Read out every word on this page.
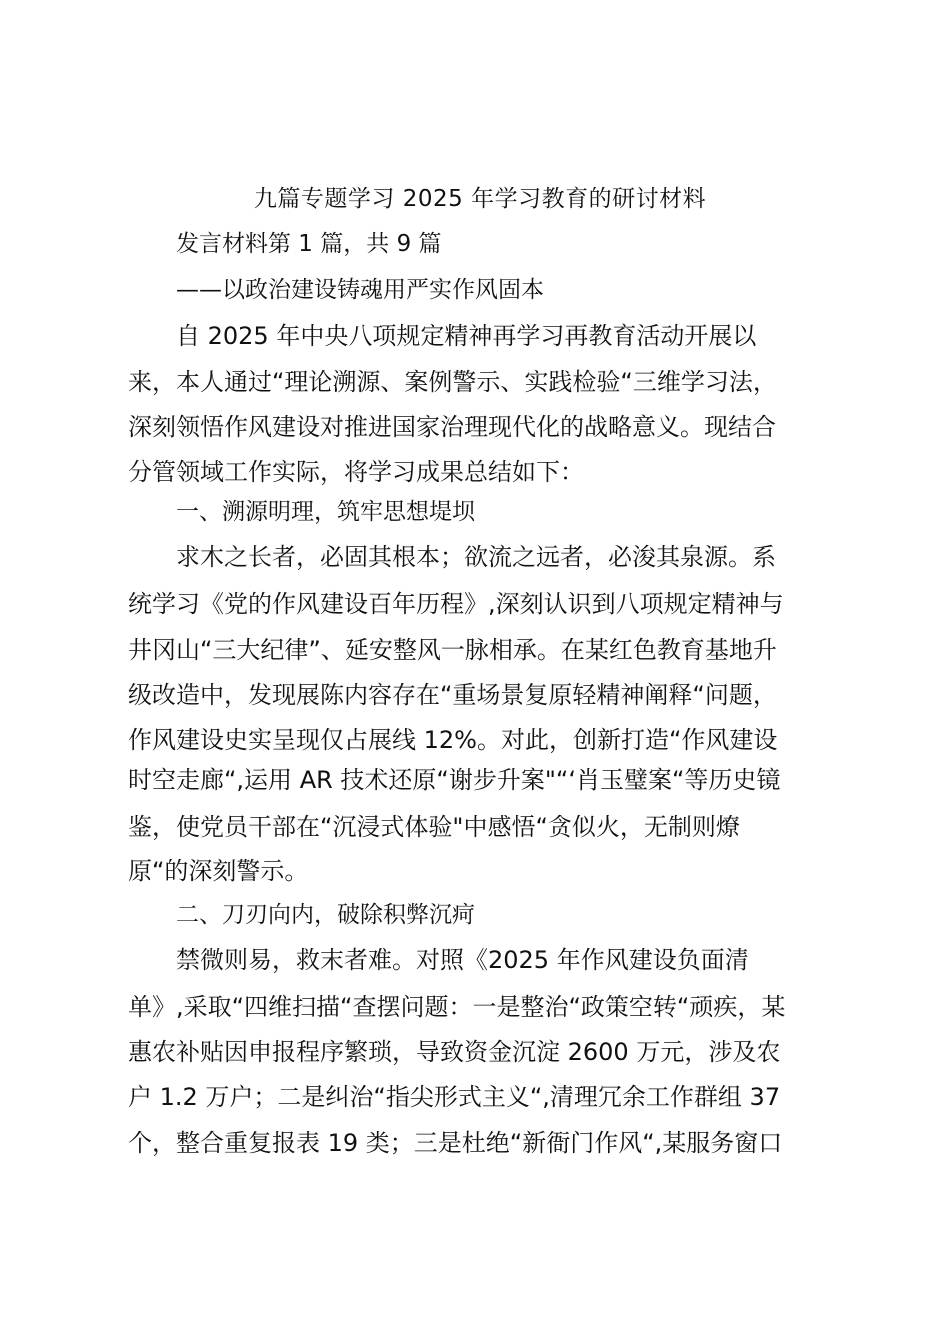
九篇专题学习 2025 年学习教育的研讨材料
发言材料第 1 篇，共 9 篇
——以政治建设铸魂用严实作风固本
自 2025 年中央八项规定精神再学习再教育活动开展以
来，本人通过“理论溯源、案例警示、实践检验“三维学习法，
深刻领悟作风建设对推进国家治理现代化的战略意义。现结合
分管领域工作实际，将学习成果总结如下：
一、溯源明理，筑牢思想堤坝
求木之长者，必固其根本；欲流之远者，必浚其泉源。系
统学习《党的作风建设百年历程》,深刻认识到八项规定精神与
井冈山“三大纪律”、延安整风一脉相承。在某红色教育基地升
级改造中，发现展陈内容存在“重场景复原轻精神阐释“问题，
作风建设史实呈现仅占展线 12%。对此，创新打造“作风建设
时空走廊“,运用 AR 技术还原“谢步升案"“‘肖玉璧案“等历史镜
鉴，使党员干部在“沉浸式体验"中感悟“贪似火，无制则燎
原“的深刻警示。
二、刀刃向内，破除积弊沉疴
禁微则易，救末者难。对照《2025 年作风建设负面清
单》,采取“四维扫描“查摆问题：一是整治“政策空转“顽疾，某
惠农补贴因申报程序繁琐，导致资金沉淀 2600 万元，涉及农
户 1.2 万户；二是纠治“指尖形式主义“,清理冗余工作群组 37
个，整合重复报表 19 类；三是杜绝“新衙门作风“,某服务窗口
